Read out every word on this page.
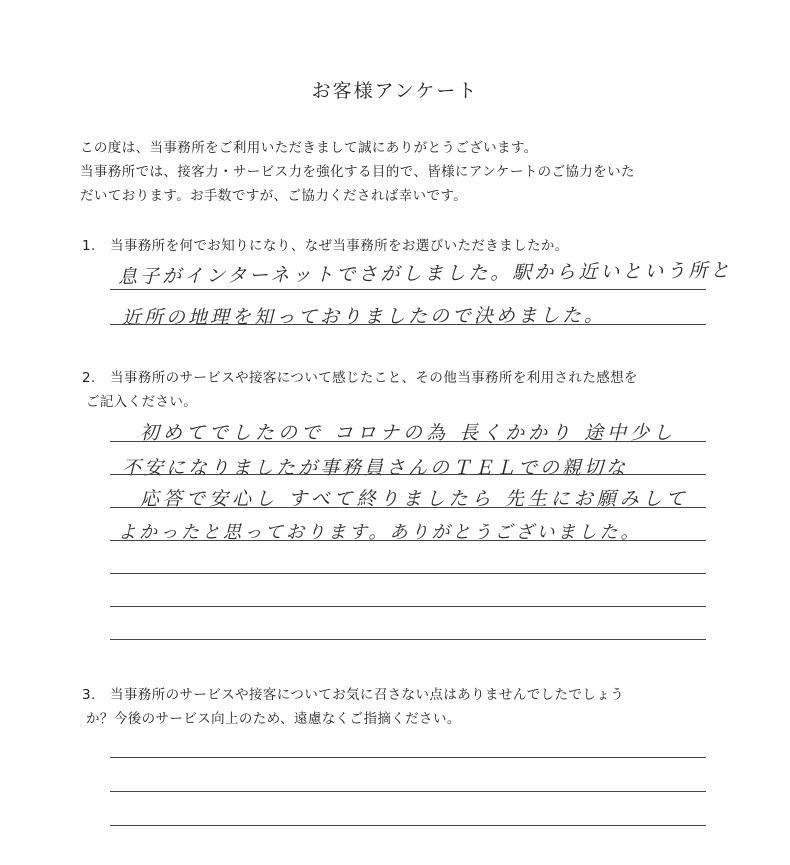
お客様アンケート
この度は、当事務所をご利用いただきまして誠にありがとうございます。
当事務所では、接客力・サービス力を強化する目的で、皆様にアンケートのご協力をいた
だいております。お手数ですが、ご協力くだされば幸いです。
1. 当事務所を何でお知りになり、なぜ当事務所をお選びいただきましたか。
息子がインターネットでさがしました。駅から近いという所と
近所の地理を知っておりましたので決めました。
2. 当事務所のサービスや接客について感じたこと、その他当事務所を利用された感想を
ご記入ください。
初めてでしたので コロナの為 長くかかり 途中少し
不安になりましたが事務員さんのＴＥＬでの親切な
応答で安心し すべて終りましたら 先生にお願みして
よかったと思っております。ありがとうございました。
3. 当事務所のサービスや接客についてお気に召さない点はありませんでしたでしょう
か？今後のサービス向上のため、遠慮なくご指摘ください。
